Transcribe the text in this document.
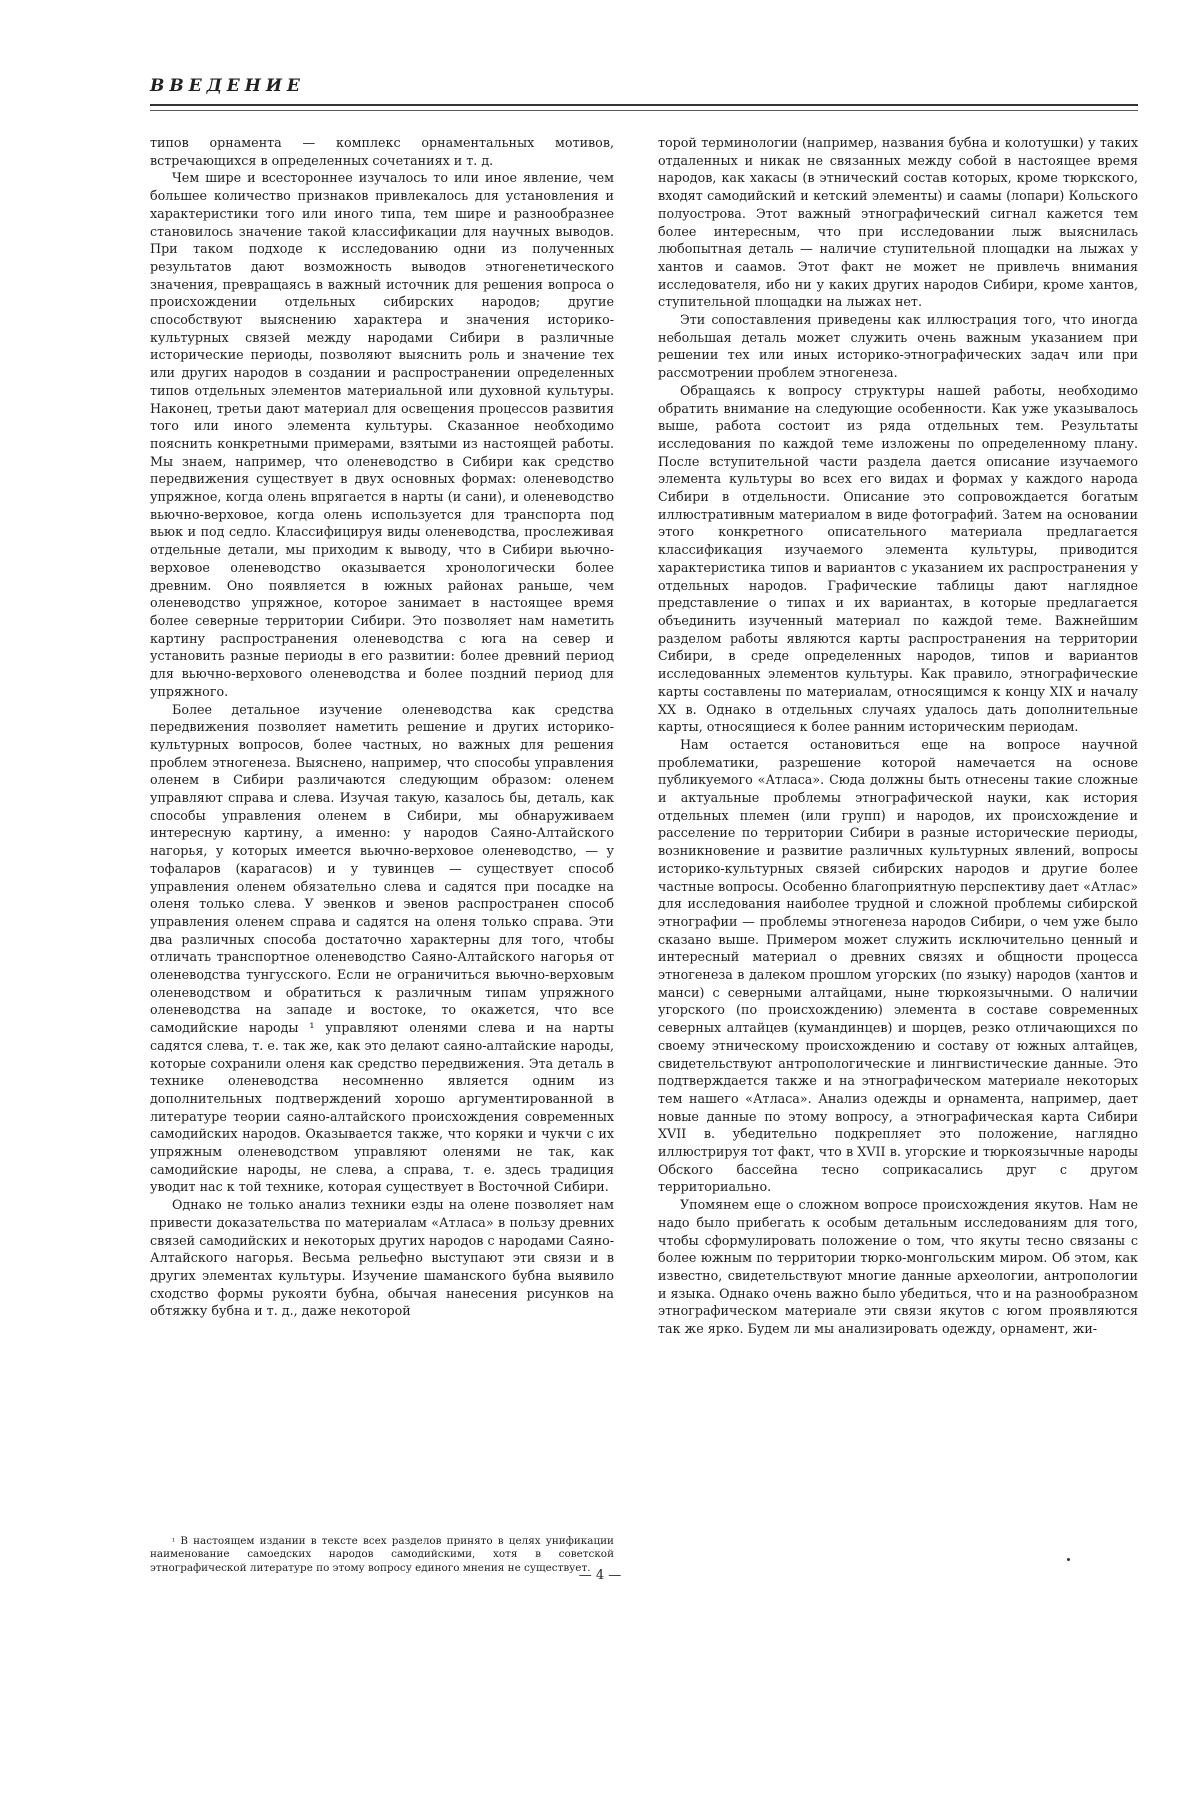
ВВЕДЕНИЕ

типов орнамента — комплекс орнаментальных мотивов, встречающихся в определенных сочетаниях и т. д.

Чем шире и всестороннее изучалось то или иное явление, чем большее количество признаков привлекалось для установления и характеристики того или иного типа, тем шире и разнообразнее становилось значение такой классификации для научных выводов. При таком подходе к исследованию одни из полученных результатов дают возможность выводов этногенетического значения, превращаясь в важный источник для решения вопроса о происхождении отдельных сибирских народов; другие способствуют выяснению характера и значения историко-культурных связей между народами Сибири в различные исторические периоды, позволяют выяснить роль и значение тех или других народов в создании и распространении определенных типов отдельных элементов материальной или духовной культуры. Наконец, третьи дают материал для освещения процессов развития того или иного элемента культуры. Сказанное необходимо пояснить конкретными примерами, взятыми из настоящей работы. Мы знаем, например, что оленеводство в Сибири как средство передвижения существует в двух основных формах: оленеводство упряжное, когда олень впрягается в нарты (и сани), и оленеводство вьючно-верховое, когда олень используется для транспорта под вьюк и под седло. Классифицируя виды оленеводства, прослеживая отдельные детали, мы приходим к выводу, что в Сибири вьючно-верховое оленеводство оказывается хронологически более древним. Оно появляется в южных районах раньше, чем оленеводство упряжное, которое занимает в настоящее время более северные территории Сибири. Это позволяет нам наметить картину распространения оленеводства с юга на север и установить разные периоды в его развитии: более древний период для вьючно-верхового оленеводства и более поздний период для упряжного.

Более детальное изучение оленеводства как средства передвижения позволяет наметить решение и других историко-культурных вопросов, более частных, но важных для решения проблем этногенеза. Выяснено, например, что способы управления оленем в Сибири различаются следующим образом: оленем управляют справа и слева. Изучая такую, казалось бы, деталь, как способы управления оленем в Сибири, мы обнаруживаем интересную картину, а именно: у народов Саяно-Алтайского нагорья, у которых имеется вьючно-верховое оленеводство, — у тофаларов (карагасов) и у тувинцев — существует способ управления оленем обязательно слева и садятся при посадке на оленя только слева. У эвенков и эвенов распространен способ управления оленем справа и садятся на оленя только справа. Эти два различных способа достаточно характерны для того, чтобы отличать транспортное оленеводство Саяно-Алтайского нагорья от оленеводства тунгусского. Если не ограничиться вьючно-верховым оленеводством и обратиться к различным типам упряжного оленеводства на западе и востоке, то окажется, что все самодийские народы ¹ управляют оленями слева и на нарты садятся слева, т. е. так же, как это делают саяно-алтайские народы, которые сохранили оленя как средство передвижения. Эта деталь в технике оленеводства несомненно является одним из дополнительных подтверждений хорошо аргументированной в литературе теории саяно-алтайского происхождения современных самодийских народов. Оказывается также, что коряки и чукчи с их упряжным оленеводством управляют оленями не так, как самодийские народы, не слева, а справа, т. е. здесь традиция уводит нас к той технике, которая существует в Восточной Сибири.

Однако не только анализ техники езды на олене позволяет нам привести доказательства по материалам «Атласа» в пользу древних связей самодийских и некоторых других народов с народами Саяно-Алтайского нагорья. Весьма рельефно выступают эти связи и в других элементах культуры. Изучение шаманского бубна выявило сходство формы рукояти бубна, обычая нанесения рисунков на обтяжку бубна и т. д., даже некоторой

торой терминологии (например, названия бубна и колотушки) у таких отдаленных и никак не связанных между собой в настоящее время народов, как хакасы (в этнический состав которых, кроме тюркского, входят самодийский и кетский элементы) и саамы (лопари) Кольского полуострова. Этот важный этнографический сигнал кажется тем более интересным, что при исследовании лыж выяснилась любопытная деталь — наличие ступительной площадки на лыжах у хантов и саамов. Этот факт не может не привлечь внимания исследователя, ибо ни у каких других народов Сибири, кроме хантов, ступительной площадки на лыжах нет.

Эти сопоставления приведены как иллюстрация того, что иногда небольшая деталь может служить очень важным указанием при решении тех или иных историко-этнографических задач или при рассмотрении проблем этногенеза.

Обращаясь к вопросу структуры нашей работы, необходимо обратить внимание на следующие особенности. Как уже указывалось выше, работа состоит из ряда отдельных тем. Результаты исследования по каждой теме изложены по определенному плану. После вступительной части раздела дается описание изучаемого элемента культуры во всех его видах и формах у каждого народа Сибири в отдельности. Описание это сопровождается богатым иллюстративным материалом в виде фотографий. Затем на основании этого конкретного описательного материала предлагается классификация изучаемого элемента культуры, приводится характеристика типов и вариантов с указанием их распространения у отдельных народов. Графические таблицы дают наглядное представление о типах и их вариантах, в которые предлагается объединить изученный материал по каждой теме. Важнейшим разделом работы являются карты распространения на территории Сибири, в среде определенных народов, типов и вариантов исследованных элементов культуры. Как правило, этнографические карты составлены по материалам, относящимся к концу XIX и началу XX в. Однако в отдельных случаях удалось дать дополнительные карты, относящиеся к более ранним историческим периодам.

Нам остается остановиться еще на вопросе научной проблематики, разрешение которой намечается на основе публикуемого «Атласа». Сюда должны быть отнесены такие сложные и актуальные проблемы этнографической науки, как история отдельных племен (или групп) и народов, их происхождение и расселение по территории Сибири в разные исторические периоды, возникновение и развитие различных культурных явлений, вопросы историко-культурных связей сибирских народов и другие более частные вопросы. Особенно благоприятную перспективу дает «Атлас» для исследования наиболее трудной и сложной проблемы сибирской этнографии — проблемы этногенеза народов Сибири, о чем уже было сказано выше. Примером может служить исключительно ценный и интересный материал о древних связях и общности процесса этногенеза в далеком прошлом угорских (по языку) народов (хантов и манси) с северными алтайцами, ныне тюркоязычными. О наличии угорского (по происхождению) элемента в составе современных северных алтайцев (кумандинцев) и шорцев, резко отличающихся по своему этническому происхождению и составу от южных алтайцев, свидетельствуют антропологические и лингвистические данные. Это подтверждается также и на этнографическом материале некоторых тем нашего «Атласа». Анализ одежды и орнамента, например, дает новые данные по этому вопросу, а этнографическая карта Сибири XVII в. убедительно подкрепляет это положение, наглядно иллюстрируя тот факт, что в XVII в. угорские и тюркоязычные народы Обского бассейна тесно соприкасались друг с другом территориально.

Упомянем еще о сложном вопросе происхождения якутов. Нам не надо было прибегать к особым детальным исследованиям для того, чтобы сформулировать положение о том, что якуты тесно связаны с более южным по территории тюрко-монгольским миром. Об этом, как известно, свидетельствуют многие данные археологии, антропологии и языка. Однако очень важно было убедиться, что и на разнообразном этнографическом материале эти связи якутов с югом проявляются так же ярко. Будем ли мы анализировать одежду, орнамент, жи-

$^{^1}$ В настоящем издании в тексте всех разделов принято в целях унификации наименование самоедских народов самодийскими, хотя в советской этнографической литературе по этому вопросу единого мнения не существует.

— 4 —
